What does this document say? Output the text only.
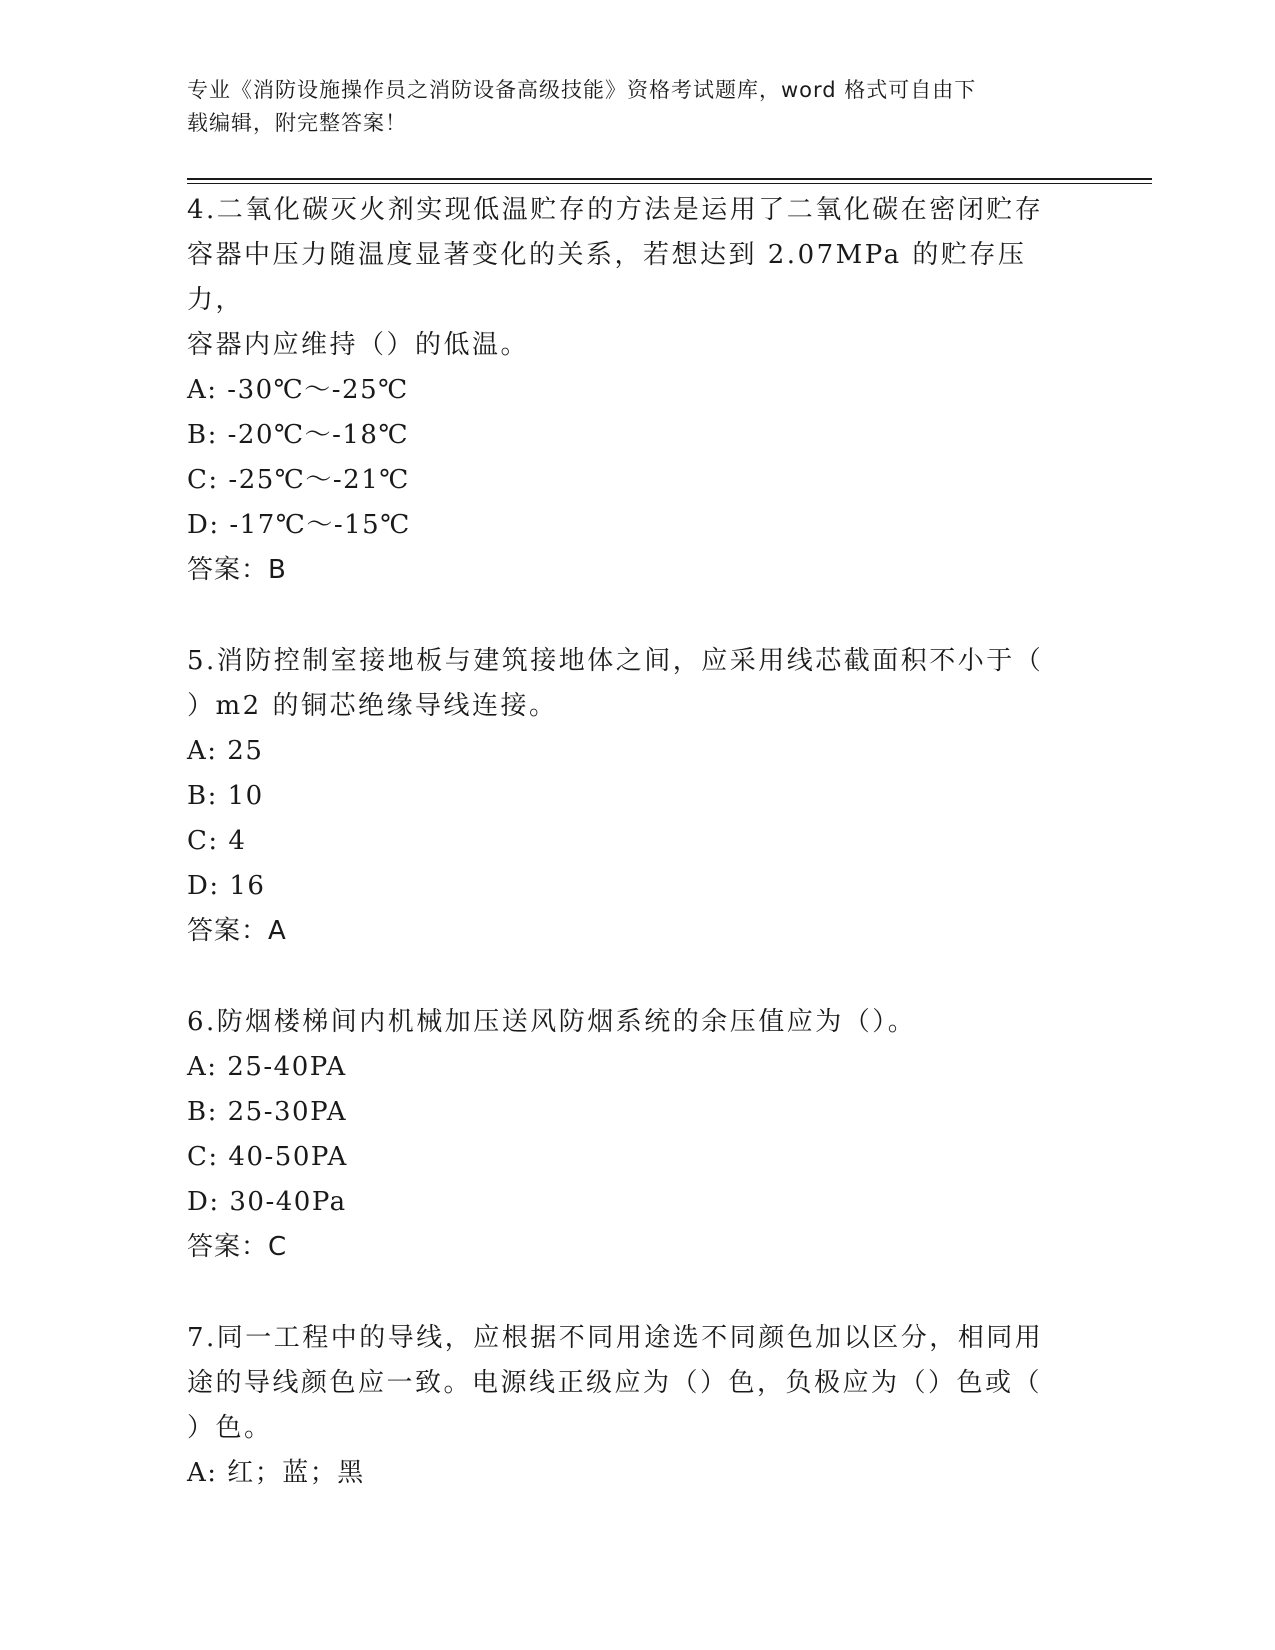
专业《消防设施操作员之消防设备高级技能》资格考试题库，word 格式可自由下
载编辑，附完整答案！

4.二氧化碳灭火剂实现低温贮存的方法是运用了二氧化碳在密闭贮存

容器中压力随温度显著变化的关系，若想达到 2.07MPa 的贮存压力，

容器内应维持（）的低温。

A: -30℃～-25℃

B: -20℃～-18℃

C: -25℃～-21℃

D: -17℃～-15℃

答案：B

5.消防控制室接地板与建筑接地体之间，应采用线芯截面积不小于（

）m2 的铜芯绝缘导线连接。

A: 25

B: 10

C: 4

D: 16

答案：A

6.防烟楼梯间内机械加压送风防烟系统的余压值应为（）。

A: 25-40PA

B: 25-30PA

C: 40-50PA

D: 30-40Pa

答案：C

7.同一工程中的导线，应根据不同用途选不同颜色加以区分，相同用

途的导线颜色应一致。电源线正级应为（）色，负极应为（）色或（

）色。

A: 红；蓝；黑
